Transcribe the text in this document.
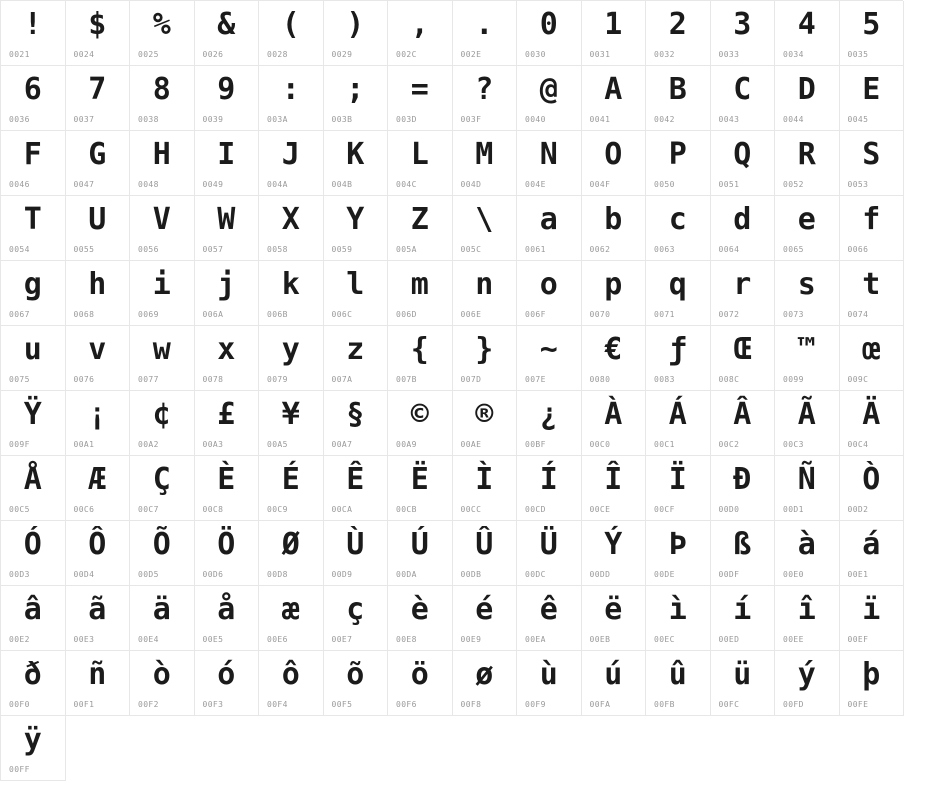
!
0021
$
0024
%
0025
&
0026
(
0028
)
0029
,
002C
.
002E
0
0030
1
0031
2
0032
3
0033
4
0034
5
0035
6
0036
7
0037
8
0038
9
0039
:
003A
;
003B
=
003D
?
003F
@
0040
A
0041
B
0042
C
0043
D
0044
E
0045
F
0046
G
0047
H
0048
I
0049
J
004A
K
004B
L
004C
M
004D
N
004E
O
004F
P
0050
Q
0051
R
0052
S
0053
T
0054
U
0055
V
0056
W
0057
X
0058
Y
0059
Z
005A
\
005C
a
0061
b
0062
c
0063
d
0064
e
0065
f
0066
g
0067
h
0068
i
0069
j
006A
k
006B
l
006C
m
006D
n
006E
o
006F
p
0070
q
0071
r
0072
s
0073
t
0074
u
0075
v
0076
w
0077
x
0078
y
0079
z
007A
{
007B
}
007D
~
007E
€
0080
ƒ
0083
Œ
008C
™
0099
œ
009C
Ÿ
009F
¡
00A1
¢
00A2
£
00A3
¥
00A5
§
00A7
©
00A9
®
00AE
¿
00BF
À
00C0
Á
00C1
Â
00C2
Ã
00C3
Ä
00C4
Å
00C5
Æ
00C6
Ç
00C7
È
00C8
É
00C9
Ê
00CA
Ë
00CB
Ì
00CC
Í
00CD
Î
00CE
Ï
00CF
Ð
00D0
Ñ
00D1
Ò
00D2
Ó
00D3
Ô
00D4
Õ
00D5
Ö
00D6
Ø
00D8
Ù
00D9
Ú
00DA
Û
00DB
Ü
00DC
Ý
00DD
Þ
00DE
ß
00DF
à
00E0
á
00E1
â
00E2
ã
00E3
ä
00E4
å
00E5
æ
00E6
ç
00E7
è
00E8
é
00E9
ê
00EA
ë
00EB
ì
00EC
í
00ED
î
00EE
ï
00EF
ð
00F0
ñ
00F1
ò
00F2
ó
00F3
ô
00F4
õ
00F5
ö
00F6
ø
00F8
ù
00F9
ú
00FA
û
00FB
ü
00FC
ý
00FD
þ
00FE
ÿ
00FF
